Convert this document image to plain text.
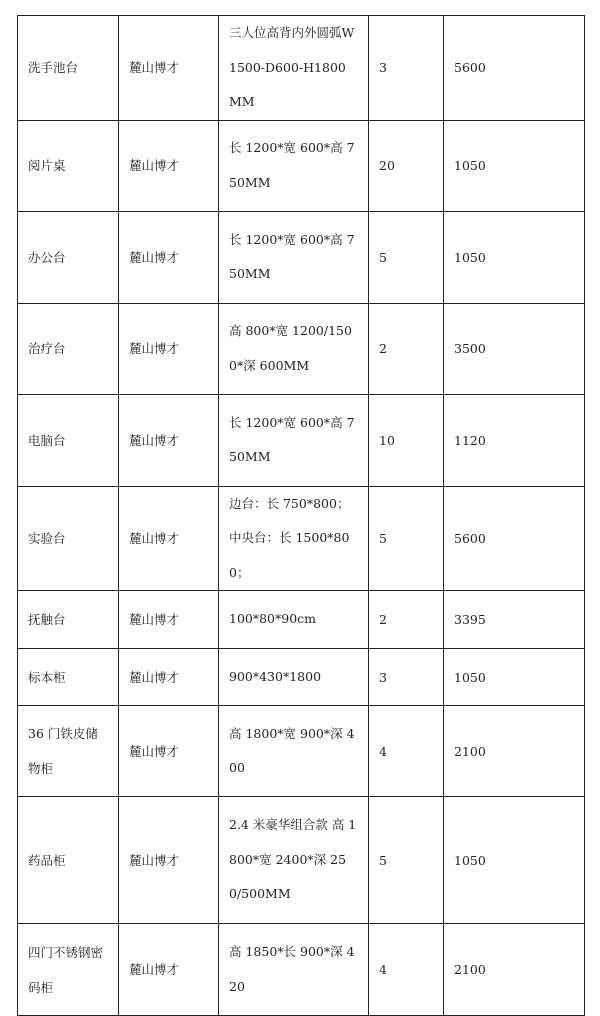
洗手池台	麓山博才	三人位高背内外圆弧W1500-D600-H1800MM	3	5600

阅片桌	麓山博才	长 1200*宽 600*高 750MM	20	1050

办公台	麓山博才	长 1200*宽 600*高 750MM	5	1050

治疗台	麓山博才	高 800*宽 1200/1500*深 600MM	2	3500

电脑台	麓山博才	长 1200*宽 600*高 750MM	10	1120

实验台	麓山博才	边台：长 750*800； 中央台：长 1500*800；	5	5600

抚触台	麓山博才	100*80*90cm	2	3395

标本柜	麓山博才	900*430*1800	3	1050

36 门铁皮储物柜	麓山博才	高 1800*宽 900*深 400	4	2100

药品柜	麓山博才	2.4 米豪华组合款 高 1800*宽 2400*深 250/500MM	5	1050

四门不锈钢密码柜	麓山博才	高 1850*长 900*深 420	4	2100
